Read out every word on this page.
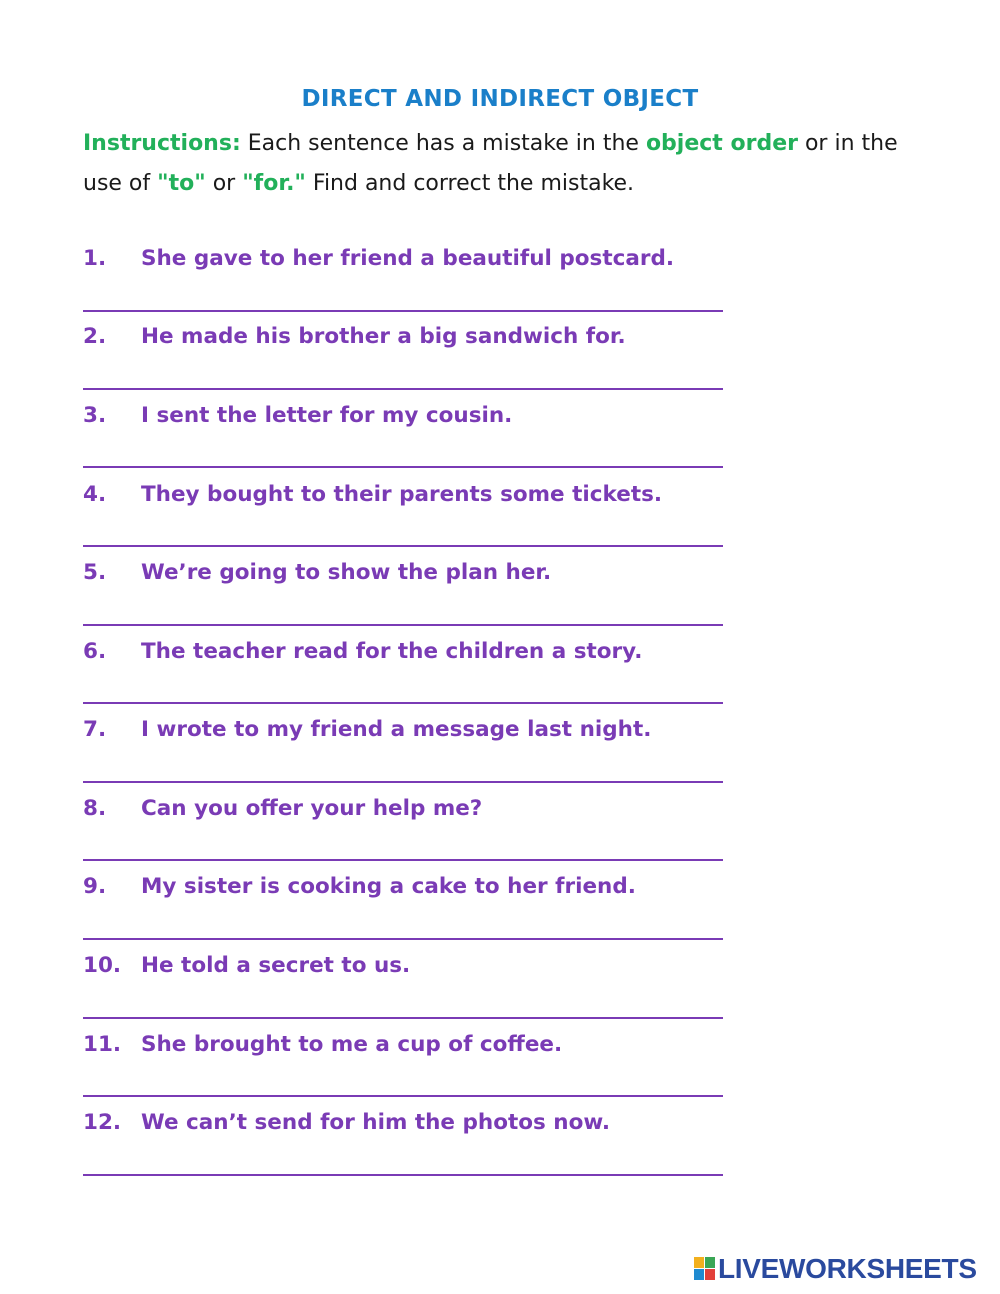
DIRECT AND INDIRECT OBJECT
Instructions: Each sentence has a mistake in the object order or in the use of "to" or "for." Find and correct the mistake.
1. She gave to her friend a beautiful postcard.
2. He made his brother a big sandwich for.
3. I sent the letter for my cousin.
4. They bought to their parents some tickets.
5. We’re going to show the plan her.
6. The teacher read for the children a story.
7. I wrote to my friend a message last night.
8. Can you offer your help me?
9. My sister is cooking a cake to her friend.
10. He told a secret to us.
11. She brought to me a cup of coffee.
12. We can’t send for him the photos now.
LIVEWORKSHEETS
